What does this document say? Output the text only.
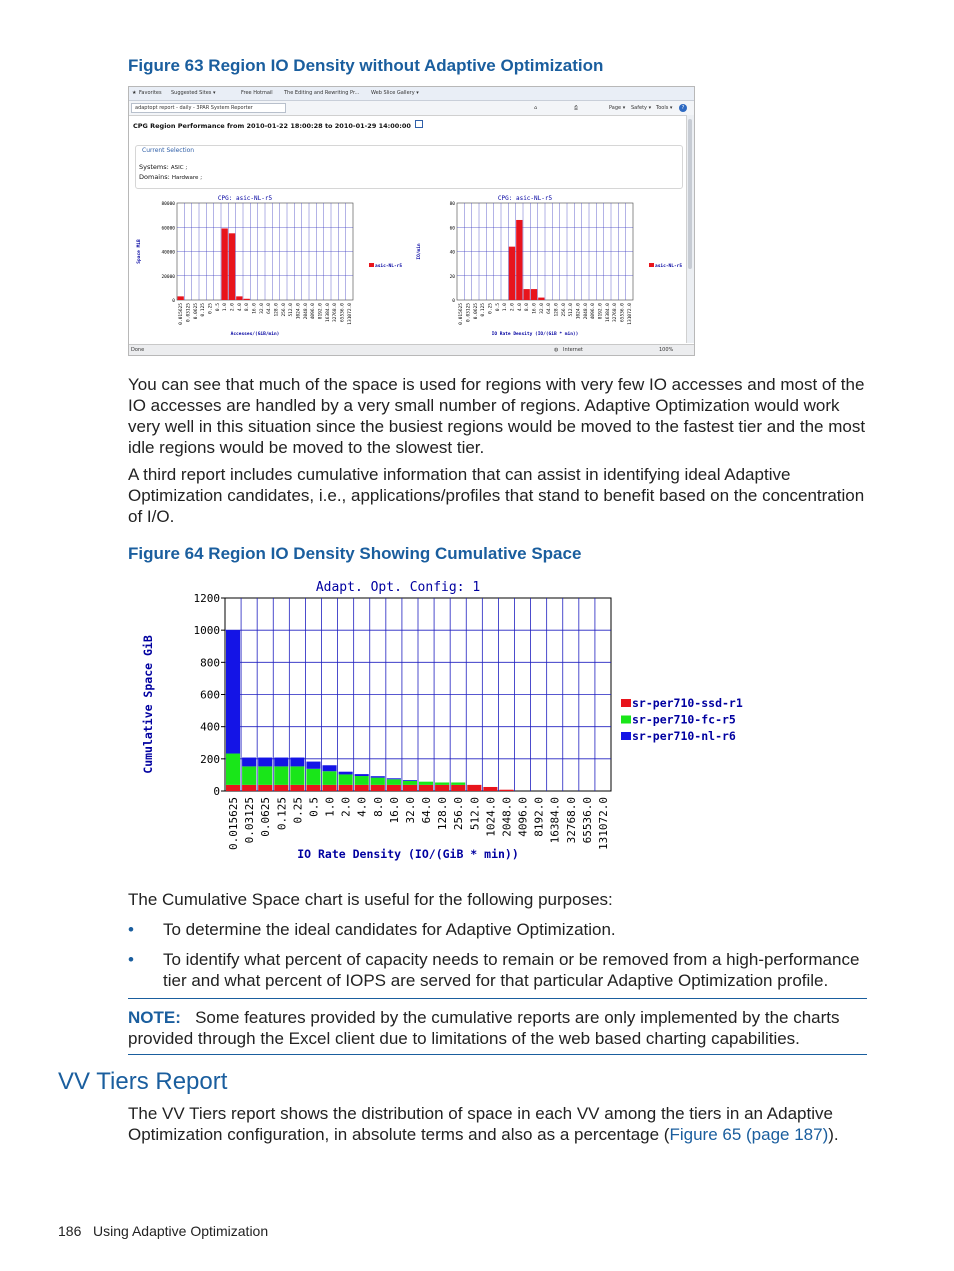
Figure 63 Region IO Density without Adaptive Optimization
★ Favorites Suggested Sites ▾	Free Hotmail The Editing and Rewriting Pr... Web Slice Gallery ▾
adaptopt report - daily - 3PAR System Reporter	⌂	⎙	Page ▾ Safety ▾ Tools ▾	?
CPG Region Performance from 2010-01-22 18:00:28 to 2010-01-29 14:00:00
Current Selection
Systems: ASIC ;
Domains: Hardware ;
0
20000
40000
60000
80000
0.015625 0.03125 0.0625 0.125 0.25 0.5 1.0 2.0 4.0 8.0 16.0 32.0 64.0 128.0 256.0 512.0 1024.0 2048.0 4096.0 8192.0 16384.0 32768.0 65536.0 131072.0
CPG: asic-NL-r5
Accesses/(GiB/min)
Space MiB
asic-NL-r5
0
20
40
60
80
0.015625 0.03125 0.0625 0.125 0.25 0.5 1.0 2.0 4.0 8.0 16.0 32.0 64.0 128.0 256.0 512.0 1024.0 2048.0 4096.0 8192.0 16384.0 32768.0 65536.0 131072.0
CPG: asic-NL-r5
IO Rate Density (IO/(GiB * min))
IO/min
asic-NL-r5
Done	◍ Internet	100%

You can see that much of the space is used for regions with very few IO accesses and most of the IO accesses are handled by a very small number of regions. Adaptive Optimization would work very well in this situation since the busiest regions would be moved to the fastest tier and the most idle regions would be moved to the slowest tier.

A third report includes cumulative information that can assist in identifying ideal Adaptive Optimization candidates, i.e., applications/profiles that stand to benefit based on the concentration of I/O.

Figure 64 Region IO Density Showing Cumulative Space
0
200
400
600
800
1000
1200
0.015625 0.03125 0.0625 0.125 0.25 0.5 1.0 2.0 4.0 8.0 16.0 32.0 64.0 128.0 256.0 512.0 1024.0 2048.0 4096.0 8192.0 16384.0 32768.0 65536.0 131072.0
Adapt. Opt. Config: 1
IO Rate Density (IO/(GiB * min))
Cumulative Space GiB	sr-per710-ssd-r1
sr-per710-fc-r5
sr-per710-nl-r6

The Cumulative Space chart is useful for the following purposes:

• To determine the ideal candidates for Adaptive Optimization.
• To identify what percent of capacity needs to remain or be removed from a high-performance tier and what percent of IOPS are served for that particular Adaptive Optimization profile.

NOTE: Some features provided by the cumulative reports are only implemented by the charts provided through the Excel client due to limitations of the web based charting capabilities.

VV Tiers Report

The VV Tiers report shows the distribution of space in each VV among the tiers in an Adaptive Optimization configuration, in absolute terms and also as a percentage (Figure 65 (page 187)).

186 Using Adaptive Optimization
